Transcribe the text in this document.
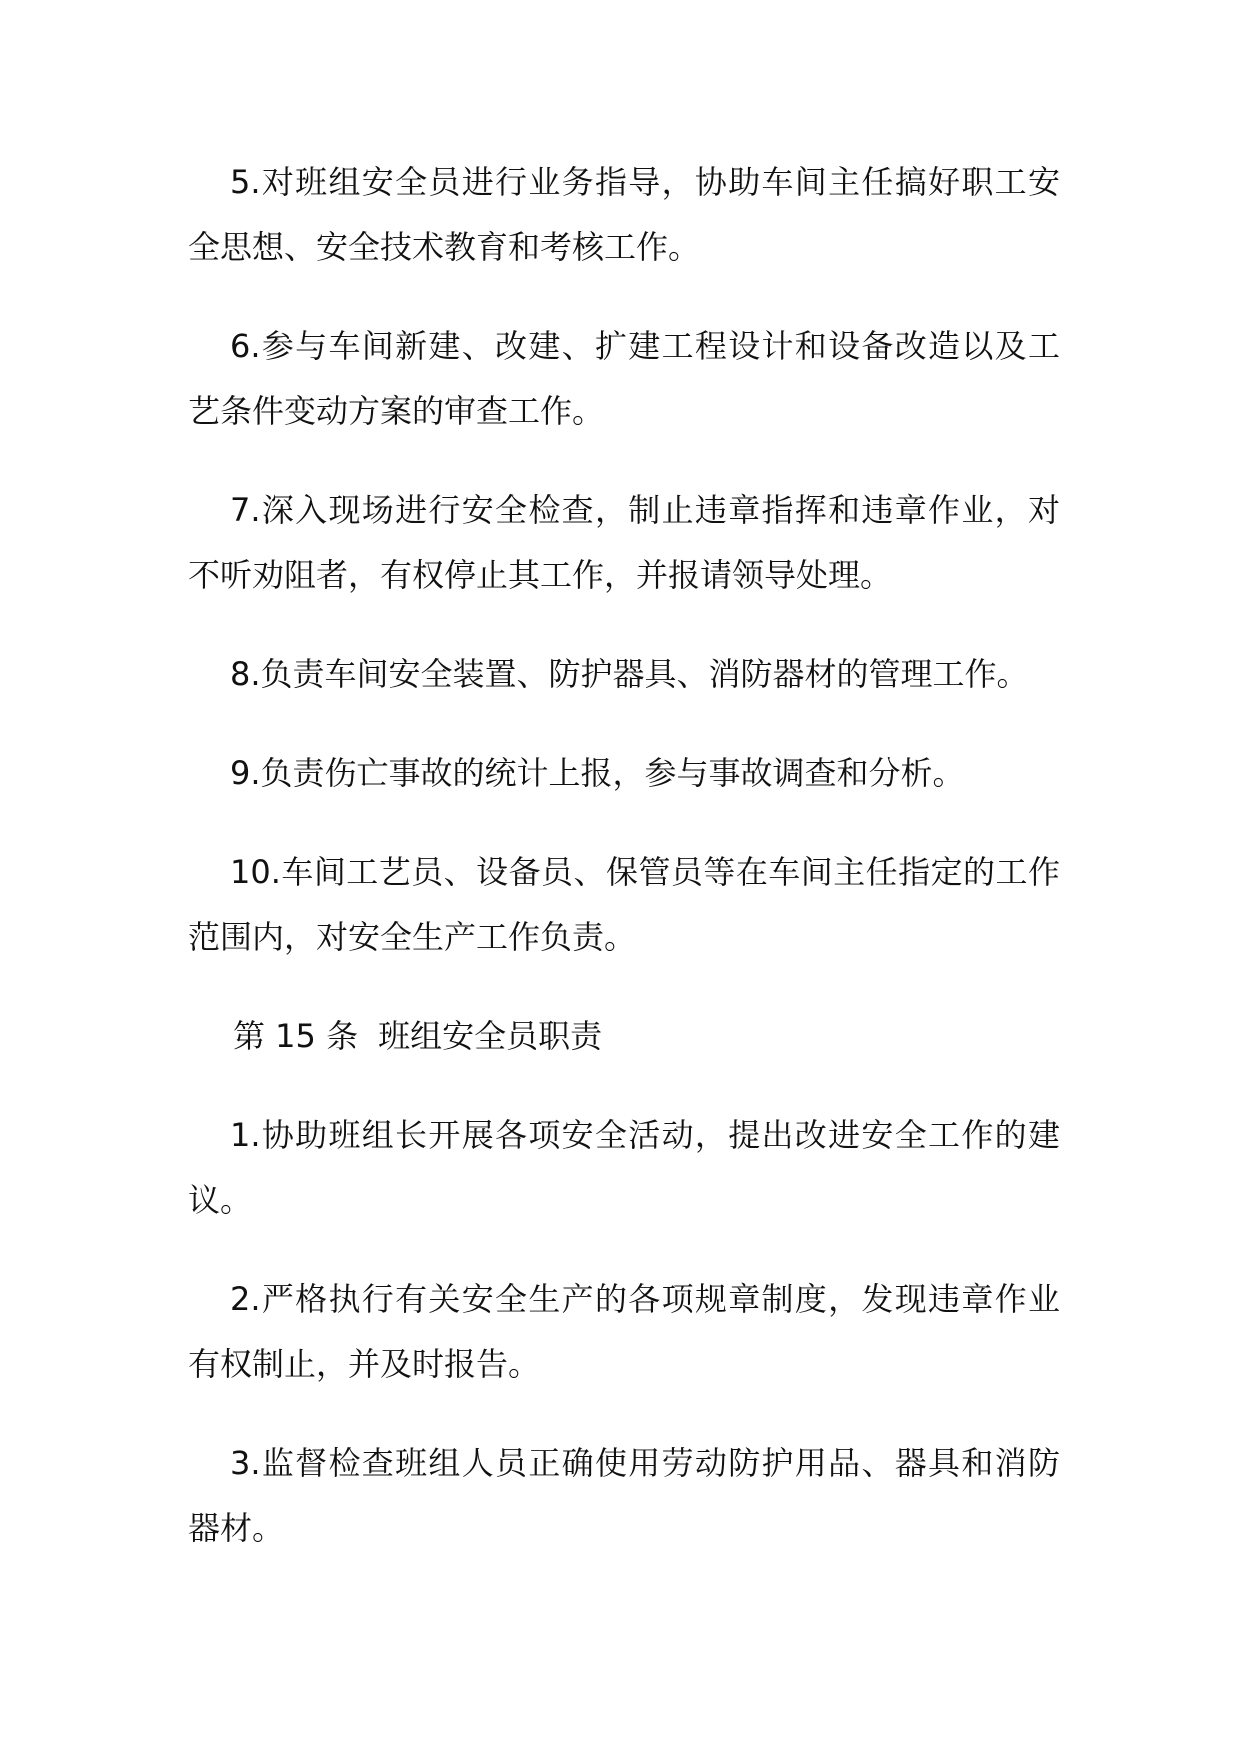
5.对班组安全员进行业务指导，协助车间主任搞好职工安全思想、安全技术教育和考核工作。

6.参与车间新建、改建、扩建工程设计和设备改造以及工艺条件变动方案的审查工作。

7.深入现场进行安全检查，制止违章指挥和违章作业，对不听劝阻者，有权停止其工作，并报请领导处理。

8.负责车间安全装置、防护器具、消防器材的管理工作。

9.负责伤亡事故的统计上报，参与事故调查和分析。

10.车间工艺员、设备员、保管员等在车间主任指定的工作范围内，对安全生产工作负责。

第 15 条 班组安全员职责

1.协助班组长开展各项安全活动，提出改进安全工作的建议。

2.严格执行有关安全生产的各项规章制度，发现违章作业有权制止，并及时报告。

3.监督检查班组人员正确使用劳动防护用品、器具和消防器材。
